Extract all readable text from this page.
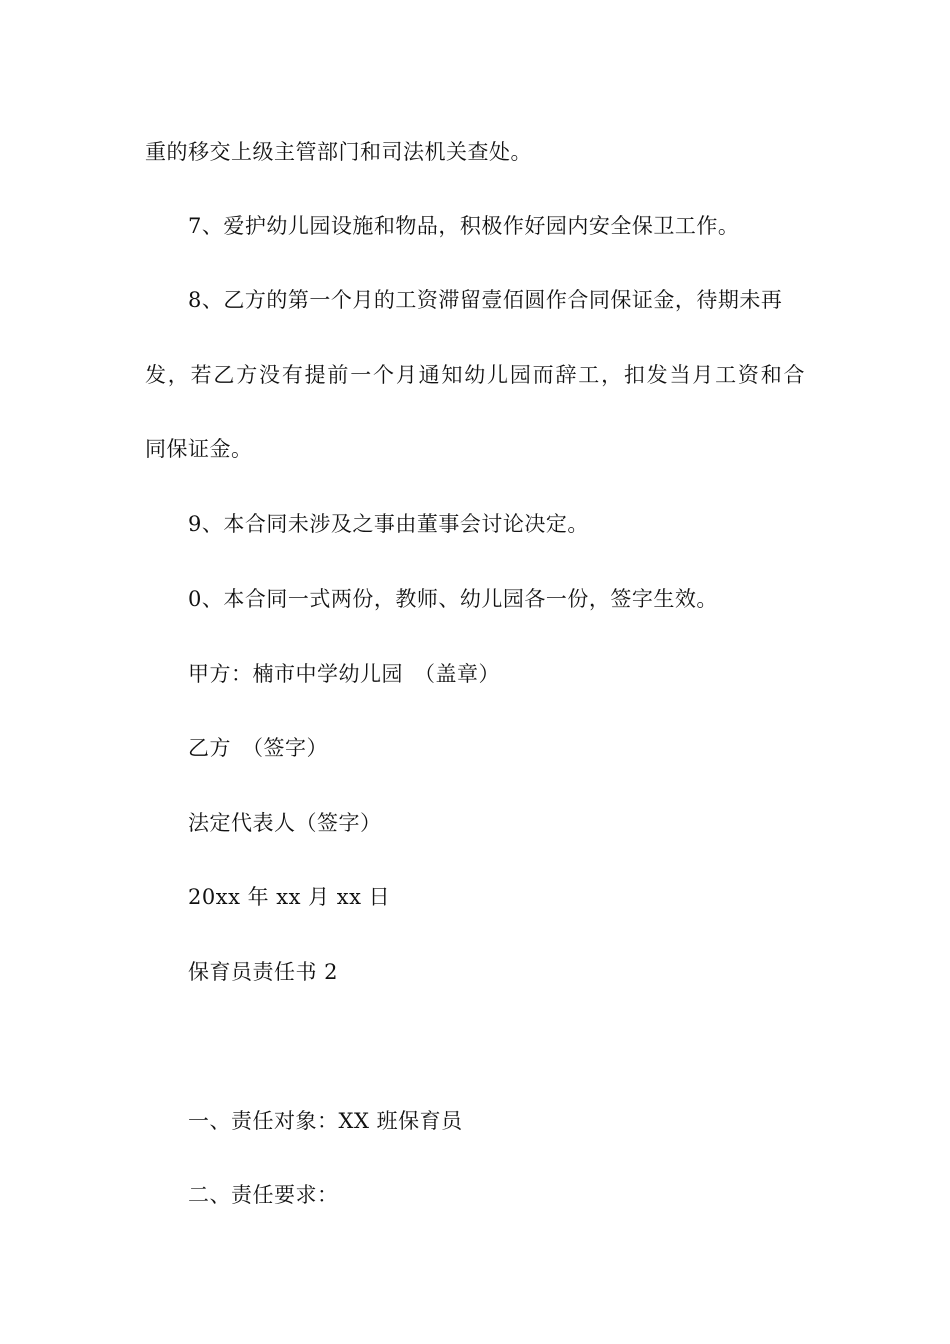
重的移交上级主管部门和司法机关查处。
7、爱护幼儿园设施和物品，积极作好园内安全保卫工作。
8、乙方的第一个月的工资滞留壹佰圆作合同保证金，待期未再
发，若乙方没有提前一个月通知幼儿园而辞工，扣发当月工资和合
同保证金。
9、本合同未涉及之事由董事会讨论决定。
0、本合同一式两份，教师、幼儿园各一份，签字生效。
甲方：楠市中学幼儿园　（盖章）
乙方　（签字）
法定代表人（签字）
20xx 年 xx 月 xx 日
保育员责任书 2
一、责任对象：XX 班保育员
二、责任要求：
